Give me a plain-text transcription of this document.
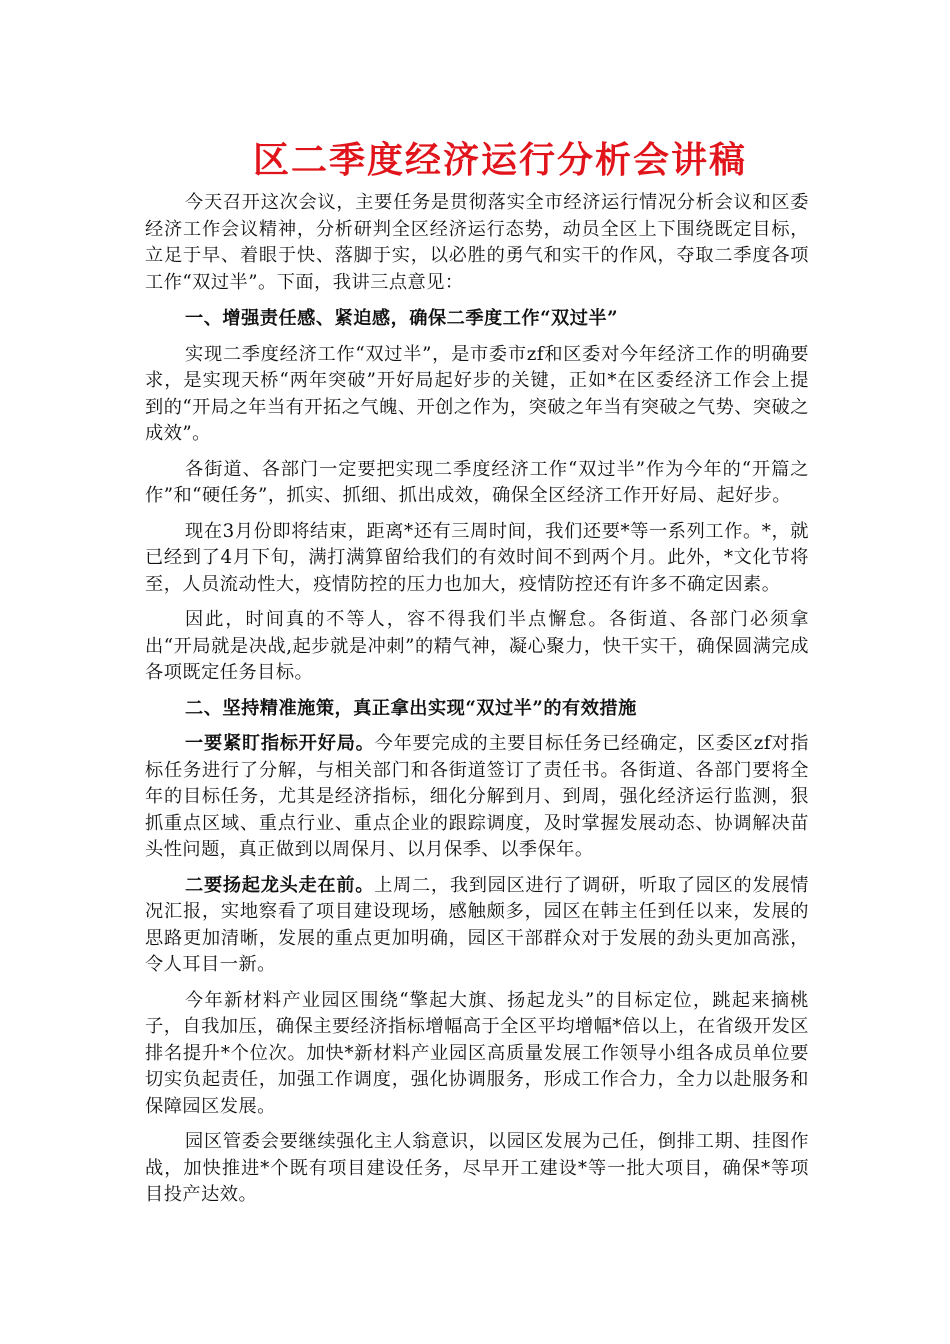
区二季度经济运行分析会讲稿

今天召开这次会议，主要任务是贯彻落实全市经济运行情况分析会议和区委经济工作会议精神，分析研判全区经济运行态势，动员全区上下围绕既定目标，立足于早、着眼于快、落脚于实，以必胜的勇气和实干的作风，夺取二季度各项工作“双过半”。下面，我讲三点意见：

一、增强责任感、紧迫感，确保二季度工作“双过半”

实现二季度经济工作“双过半”，是市委市zf和区委对今年经济工作的明确要求，是实现天桥“两年突破”开好局起好步的关键，正如*在区委经济工作会上提到的“开局之年当有开拓之气魄、开创之作为，突破之年当有突破之气势、突破之成效”。

各街道、各部门一定要把实现二季度经济工作“双过半”作为今年的“开篇之作”和“硬任务”，抓实、抓细、抓出成效，确保全区经济工作开好局、起好步。

现在3月份即将结束，距离*还有三周时间，我们还要*等一系列工作。*，就已经到了4月下旬，满打满算留给我们的有效时间不到两个月。此外，*文化节将至，人员流动性大，疫情防控的压力也加大，疫情防控还有许多不确定因素。

因此，时间真的不等人，容不得我们半点懈怠。各街道、各部门必须拿出“开局就是决战,起步就是冲刺”的精气神，凝心聚力，快干实干，确保圆满完成各项既定任务目标。

二、坚持精准施策，真正拿出实现“双过半”的有效措施

一要紧盯指标开好局。今年要完成的主要目标任务已经确定，区委区zf对指标任务进行了分解，与相关部门和各街道签订了责任书。各街道、各部门要将全年的目标任务，尤其是经济指标，细化分解到月、到周，强化经济运行监测，狠抓重点区域、重点行业、重点企业的跟踪调度，及时掌握发展动态、协调解决苗头性问题，真正做到以周保月、以月保季、以季保年。

二要扬起龙头走在前。上周二，我到园区进行了调研，听取了园区的发展情况汇报，实地察看了项目建设现场，感触颇多，园区在韩主任到任以来，发展的思路更加清晰，发展的重点更加明确，园区干部群众对于发展的劲头更加高涨，令人耳目一新。

今年新材料产业园区围绕“擎起大旗、扬起龙头”的目标定位，跳起来摘桃子，自我加压，确保主要经济指标增幅高于全区平均增幅*倍以上，在省级开发区排名提升*个位次。加快*新材料产业园区高质量发展工作领导小组各成员单位要切实负起责任，加强工作调度，强化协调服务，形成工作合力，全力以赴服务和保障园区发展。

园区管委会要继续强化主人翁意识，以园区发展为己任，倒排工期、挂图作战，加快推进*个既有项目建设任务，尽早开工建设*等一批大项目，确保*等项目投产达效。
